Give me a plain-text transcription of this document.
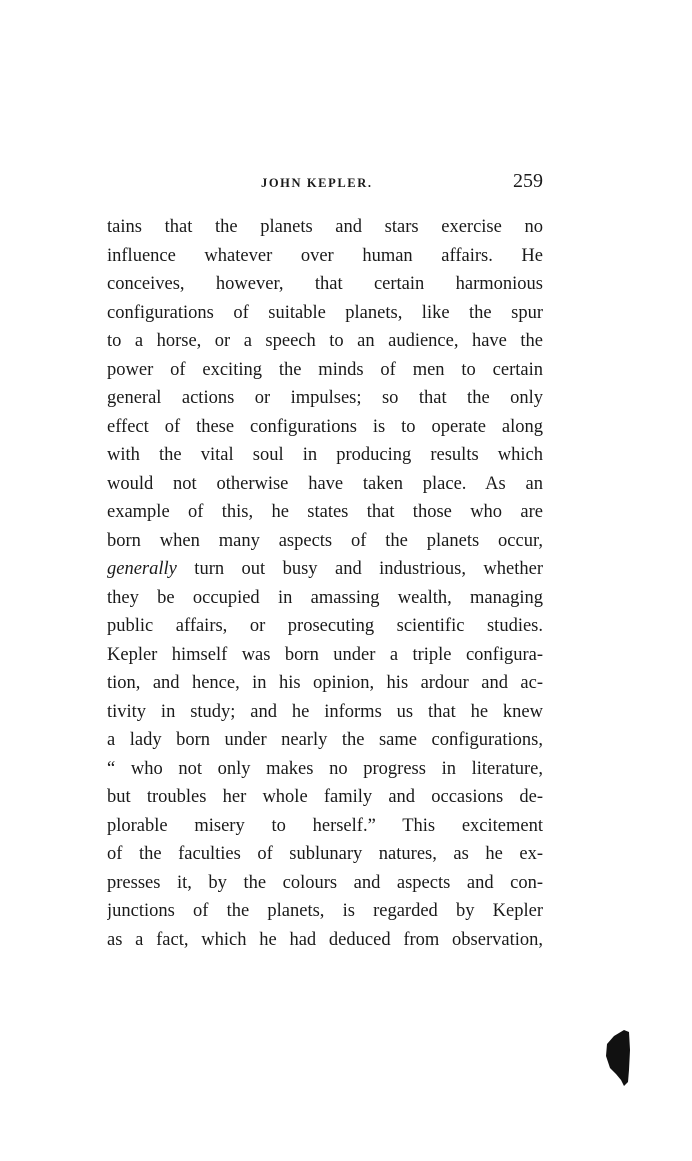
JOHN KEPLER.	259
tains that the planets and stars exercise no
influence whatever over human affairs. He
conceives, however, that certain harmonious
configurations of suitable planets, like the spur
to a horse, or a speech to an audience, have the
power of exciting the minds of men to certain
general actions or impulses; so that the only
effect of these configurations is to operate along
with the vital soul in producing results which
would not otherwise have taken place. As an
example of this, he states that those who are
born when many aspects of the planets occur,
generally turn out busy and industrious, whether
they be occupied in amassing wealth, managing
public affairs, or prosecuting scientific studies.
Kepler himself was born under a triple configura-
tion, and hence, in his opinion, his ardour and ac-
tivity in study; and he informs us that he knew
a lady born under nearly the same configurations,
“ who not only makes no progress in literature,
but troubles her whole family and occasions de-
plorable misery to herself.” This excitement
of the faculties of sublunary natures, as he ex-
presses it, by the colours and aspects and con-
junctions of the planets, is regarded by Kepler
as a fact, which he had deduced from observation,
